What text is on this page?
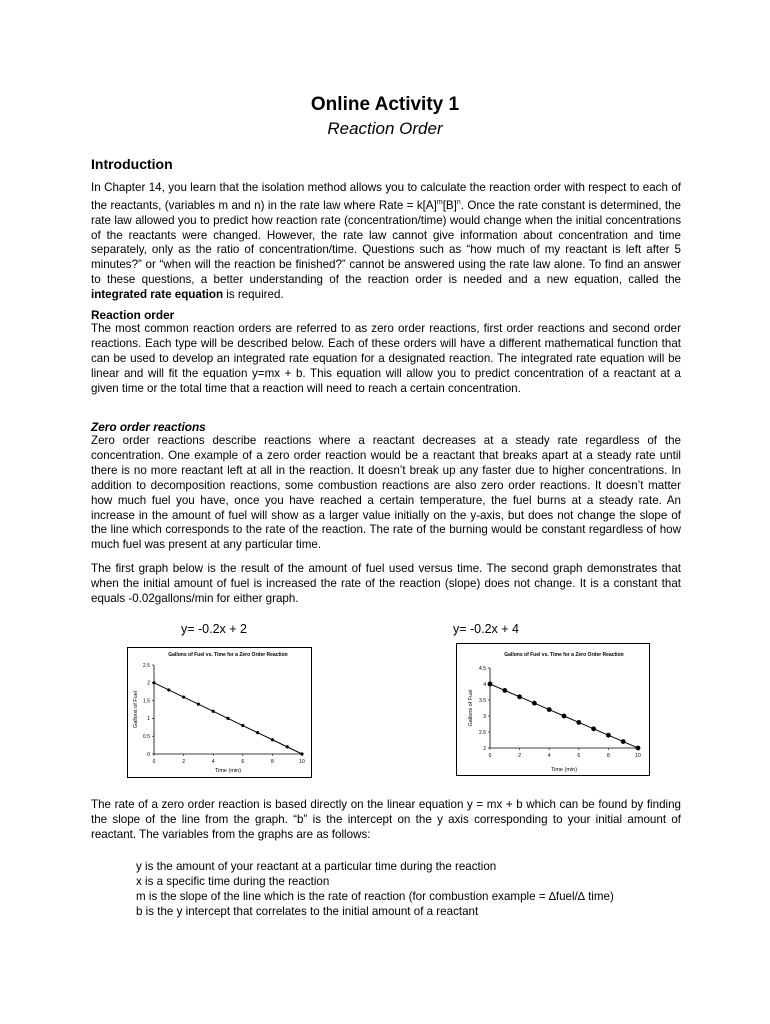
Online Activity 1
Reaction Order
Introduction

In Chapter 14, you learn that the isolation method allows you to calculate the reaction order with respect to each of the reactants, (variables m and n) in the rate law where Rate = $k[A]^m[B]^n$. Once the rate constant is determined, the rate law allowed you to predict how reaction rate (concentration/time) would change when the initial concentrations of the reactants were changed. However, the rate law cannot give information about concentration and time separately, only as the ratio of concentration/time. Questions such as “how much of my reactant is left after 5 minutes?” or “when will the reaction be finished?” cannot be answered using the rate law alone. To find an answer to these questions, a better understanding of the reaction order is needed and a new equation, called the integrated rate equation is required.

Reaction order

The most common reaction orders are referred to as zero order reactions, first order reactions and second order reactions. Each type will be described below. Each of these orders will have a different mathematical function that can be used to develop an integrated rate equation for a designated reaction. The integrated rate equation will be linear and will fit the equation y=mx + b. This equation will allow you to predict concentration of a reactant at a given time or the total time that a reaction will need to reach a certain concentration.

Zero order reactions

Zero order reactions describe reactions where a reactant decreases at a steady rate regardless of the concentration. One example of a zero order reaction would be a reactant that breaks apart at a steady rate until there is no more reactant left at all in the reaction. It doesn’t break up any faster due to higher concentrations. In addition to decomposition reactions, some combustion reactions are also zero order reactions. It doesn’t matter how much fuel you have, once you have reached a certain temperature, the fuel burns at a steady rate. An increase in the amount of fuel will show as a larger value initially on the y-axis, but does not change the slope of the line which corresponds to the rate of the reaction. The rate of the burning would be constant regardless of how much fuel was present at any particular time.

The first graph below is the result of the amount of fuel used versus time. The second graph demonstrates that when the initial amount of fuel is increased the rate of the reaction (slope) does not change. It is a constant that equals -0.02gallons/min for either graph.

y= -0.2x + 2	y= -0.2x + 4
Gallons of Fuel vs. Time for a Zero Order Reaction
0
0.5
1
1.5
2
2.5
0	2	4	6	8	10
Time (min)
Gallons of Fuel
Gallons of Fuel vs. Time for a Zero Order Reaction
2
2.5
3
3.5
4
4.5
0	2	4	6	8	10
Time (min)
Gallons of Fuel

The rate of a zero order reaction is based directly on the linear equation y = mx + b which can be found by finding the slope of the line from the graph. “b” is the intercept on the y axis corresponding to your initial amount of reactant. The variables from the graphs are as follows:

y is the amount of your reactant at a particular time during the reaction
x is a specific time during the reaction
m is the slope of the line which is the rate of reaction (for combustion example = ∆fuel/∆ time)
b is the y intercept that correlates to the initial amount of a reactant
